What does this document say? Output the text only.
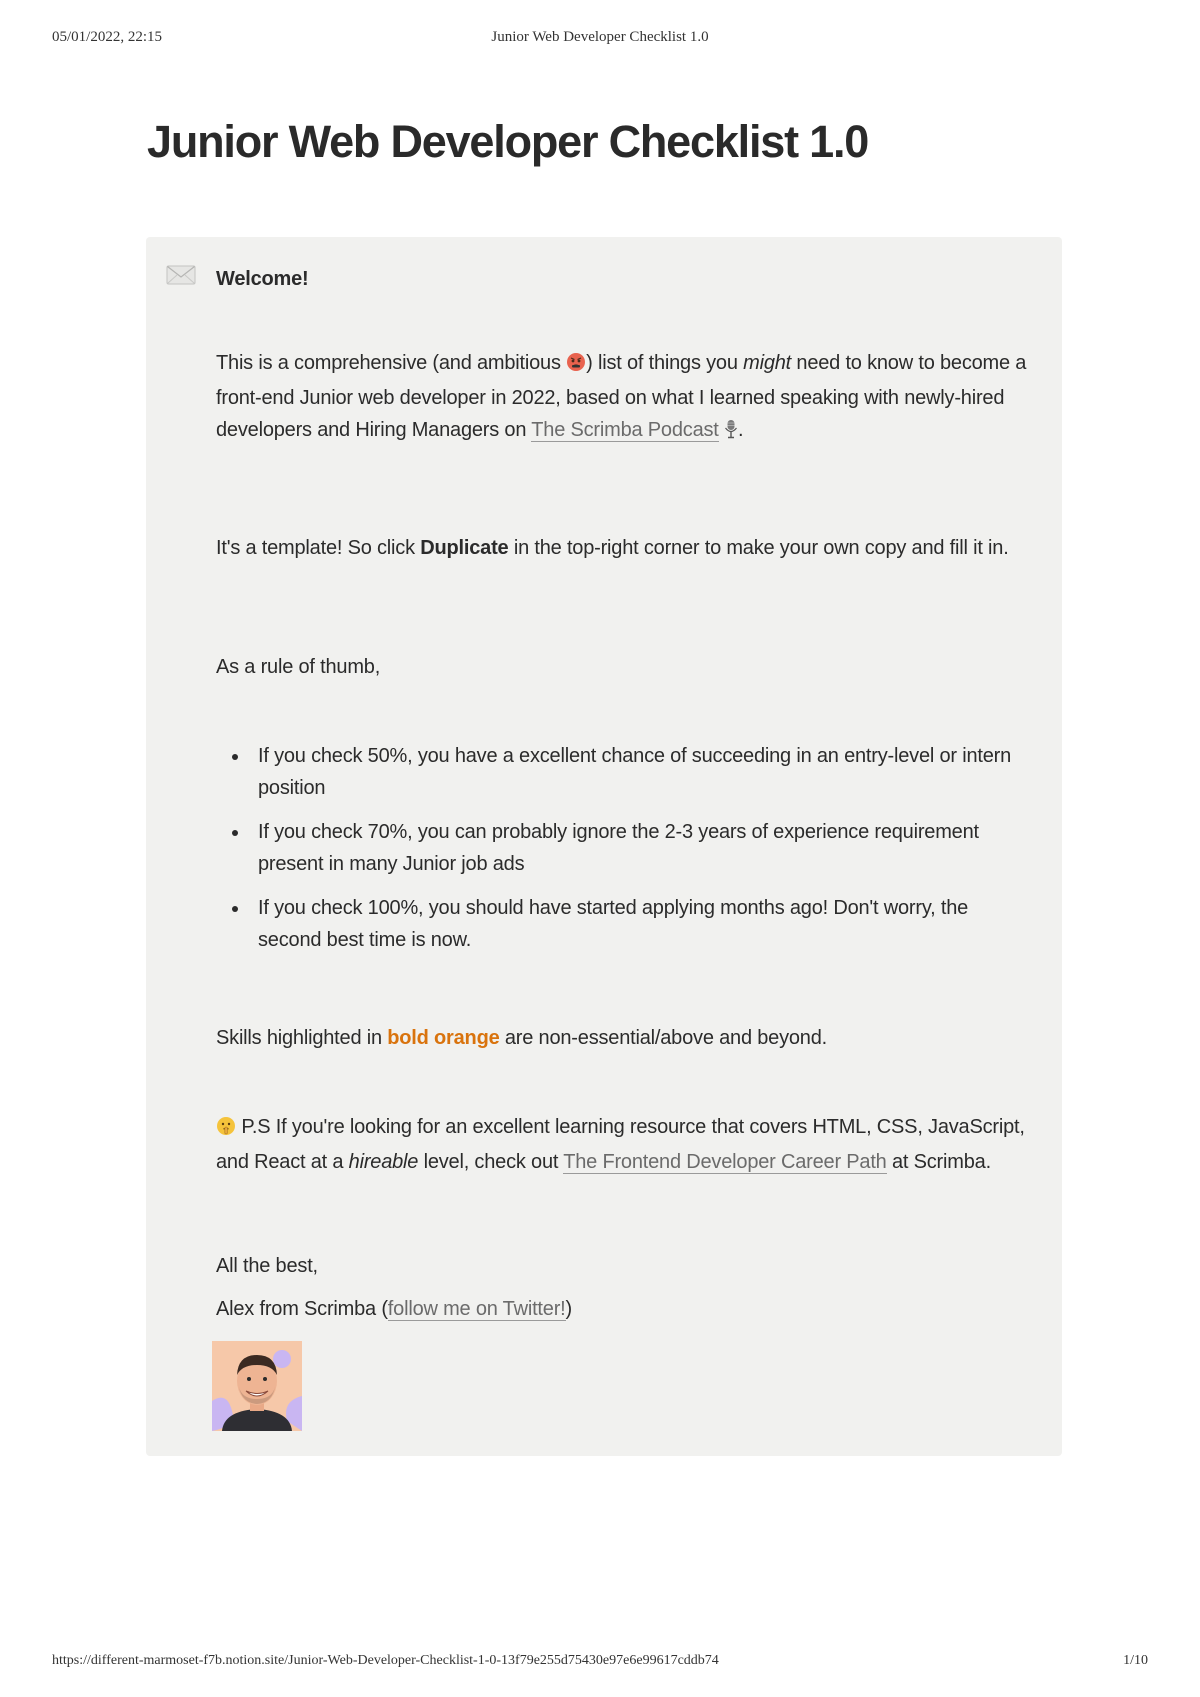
05/01/2022, 22:15	Junior Web Developer Checklist 1.0
Junior Web Developer Checklist 1.0
Welcome!

This is a comprehensive (and ambitious ) list of things you might need to know to become a front-end Junior web developer in 2022, based on what I learned speaking with newly-hired developers and Hiring Managers on The Scrimba Podcast .

It's a template! So click Duplicate in the top-right corner to make your own copy and fill it in.

As a rule of thumb,

If you check 50%, you have a excellent chance of succeeding in an entry-level or intern position
If you check 70%, you can probably ignore the 2-3 years of experience requirement present in many Junior job ads
If you check 100%, you should have started applying months ago! Don't worry, the second best time is now.

Skills highlighted in bold orange are non-essential/above and beyond.

P.S If you're looking for an excellent learning resource that covers HTML, CSS, JavaScript, and React at a hireable level, check out The Frontend Developer Career Path at Scrimba.

All the best,

Alex from Scrimba (follow me on Twitter!)

https://different-marmoset-f7b.notion.site/Junior-Web-Developer-Checklist-1-0-13f79e255d75430e97e6e99617cddb74	1/10
